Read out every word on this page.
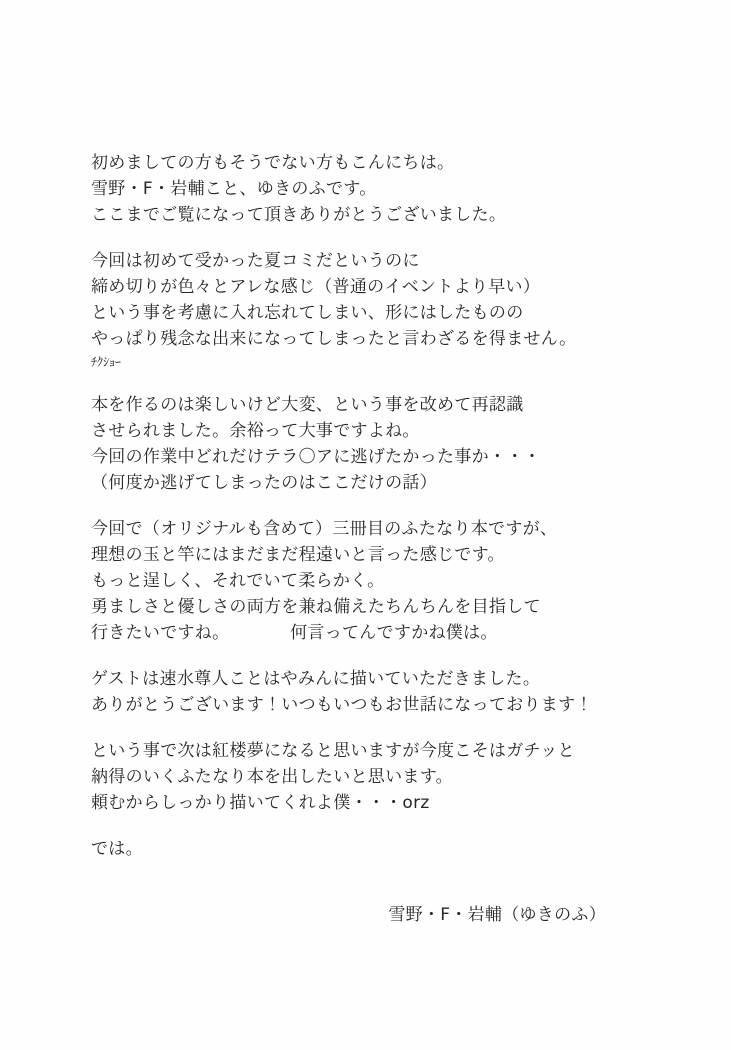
初めましての方もそうでない方もこんにちは。
雪野・F・岩輔こと、ゆきのふです。
ここまでご覧になって頂きありがとうございました。
今回は初めて受かった夏コミだというのに
締め切りが色々とアレな感じ（普通のイベントより早い）
という事を考慮に入れ忘れてしまい、形にはしたものの
やっぱり残念な出来になってしまったと言わざるを得ません。
ﾁｸｼｮｰ
本を作るのは楽しいけど大変、という事を改めて再認識
させられました。余裕って大事ですよね。
今回の作業中どれだけテラ〇アに逃げたかった事か・・・
（何度か逃げてしまったのはここだけの話）
今回で（オリジナルも含めて）三冊目のふたなり本ですが、
理想の玉と竿にはまだまだ程遠いと言った感じです。
もっと逞しく、それでいて柔らかく。
勇ましさと優しさの両方を兼ね備えたちんちんを目指して
行きたいですね。　　　　何言ってんですかね僕は。
ゲストは速水尊人ことはやみんに描いていただきました。
ありがとうございます！いつもいつもお世話になっております！
という事で次は紅楼夢になると思いますが今度こそはガチッと
納得のいくふたなり本を出したいと思います。
頼むからしっかり描いてくれよ僕・・・orz
では。
雪野・F・岩輔（ゆきのふ）
